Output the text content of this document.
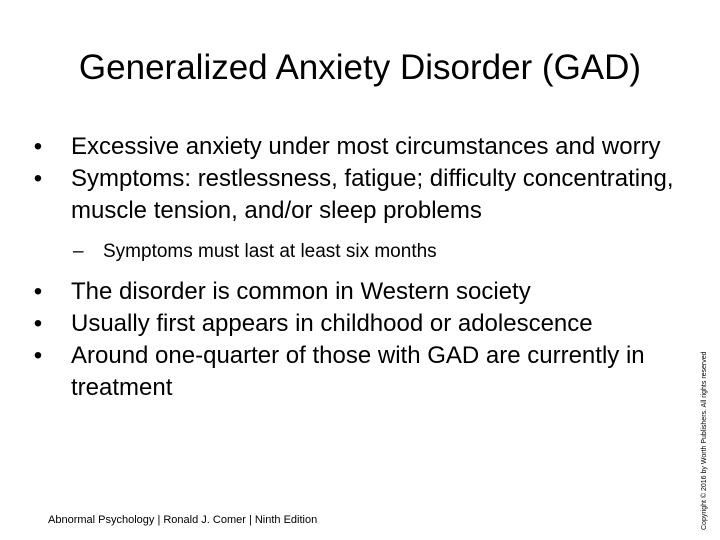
Generalized Anxiety Disorder (GAD)
• Excessive anxiety under most circumstances and worry
• Symptoms: restlessness, fatigue; difficulty concentrating, muscle tension, and/or sleep problems
– Symptoms must last at least six months
• The disorder is common in Western society
• Usually first appears in childhood or adolescence
• Around one-quarter of those with GAD are currently in treatment
Abnormal Psychology | Ronald J. Comer | Ninth Edition	Copyright © 2016 by Worth Publishers. All rights reserved
